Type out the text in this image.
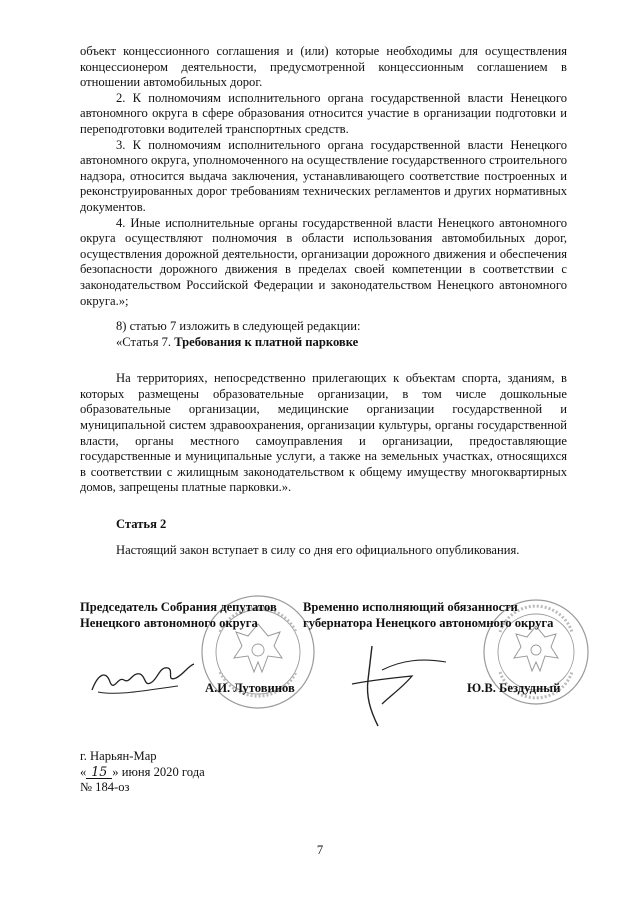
объект концессионного соглашения и (или) которые необходимы для осуществления концессионером деятельности, предусмотренной концессионным соглашением в отношении автомобильных дорог.

2. К полномочиям исполнительного органа государственной власти Ненецкого автономного округа в сфере образования относится участие в организации подготовки и переподготовки водителей транспортных средств.

3. К полномочиям исполнительного органа государственной власти Ненецкого автономного округа, уполномоченного на осуществление государственного строительного надзора, относится выдача заключения, устанавливающего соответствие построенных и реконструированных дорог требованиям технических регламентов и других нормативных документов.

4. Иные исполнительные органы государственной власти Ненецкого автономного округа осуществляют полномочия в области использования автомобильных дорог, осуществления дорожной деятельности, организации дорожного движения и обеспечения безопасности дорожного движения в пределах своей компетенции в соответствии с законодательством Российской Федерации и законодательством Ненецкого автономного округа.»;

8) статью 7 изложить в следующей редакции:

«Статья 7. Требования к платной парковке

На территориях, непосредственно прилегающих к объектам спорта, зданиям, в которых размещены образовательные организации, в том числе дошкольные образовательные организации, медицинские организации государственной и муниципальной систем здравоохранения, организации культуры, органы государственной власти, органы местного самоуправления и организации, предоставляющие государственные и муниципальные услуги, а также на земельных участках, относящихся в соответствии с жилищным законодательством к общему имуществу многоквартирных домов, запрещены платные парковки.».

Статья 2

Настоящий закон вступает в силу со дня его официального опубликования.

Председатель Собрания депутатов Ненецкого автономного округа
Временно исполняющий обязанности губернатора Ненецкого автономного округа
А.И. Лутовинов	Ю.В. Бездудный
г. Нарьян-Мар
« 15 » июня 2020 года
№ 184-оз
7
